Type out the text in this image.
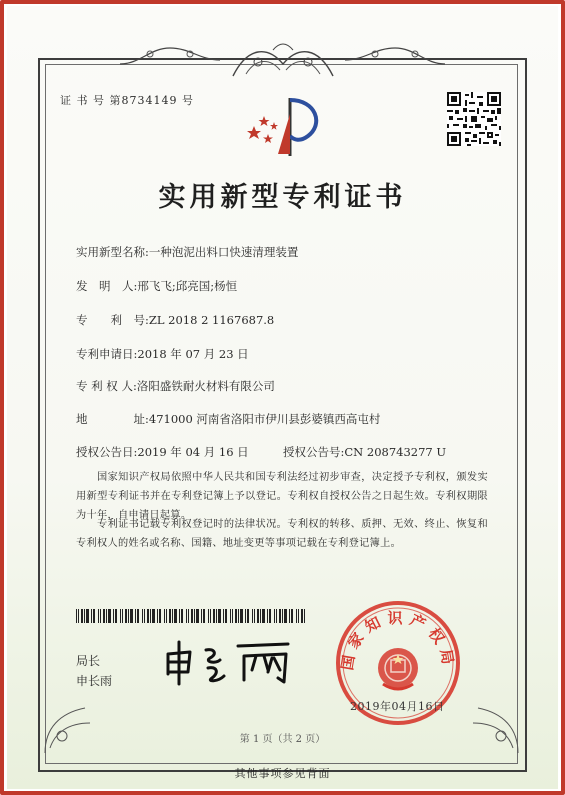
证 书 号 第8734149 号
实用新型专利证书
实用新型名称:一种泡泥出料口快速清理装置
发　明　人:邢飞飞;邱亮国;杨恒
专　　利　号:ZL 2018 2 1167687.8
专利申请日:2018 年 07 月 23 日
专 利 权 人:洛阳盛铁耐火材料有限公司
地　　　　址:471000 河南省洛阳市伊川县彭婆镇西高屯村
授权公告日:2019 年 04 月 16 日	授权公告号:CN 208743277 U
国家知识产权局依照中华人民共和国专利法经过初步审查，决定授予专利权，颁发实用新型专利证书并在专利登记簿上予以登记。专利权自授权公告之日起生效。专利权期限为十年，自申请日起算。
专利证书记载专利权登记时的法律状况。专利权的转移、质押、无效、终止、恢复和专利权人的姓名或名称、国籍、地址变更等事项记载在专利登记簿上。
局长
申长雨
国家知识产权局
2019年04月16日
第 1 页（共 2 页）
其他事项参见背面
